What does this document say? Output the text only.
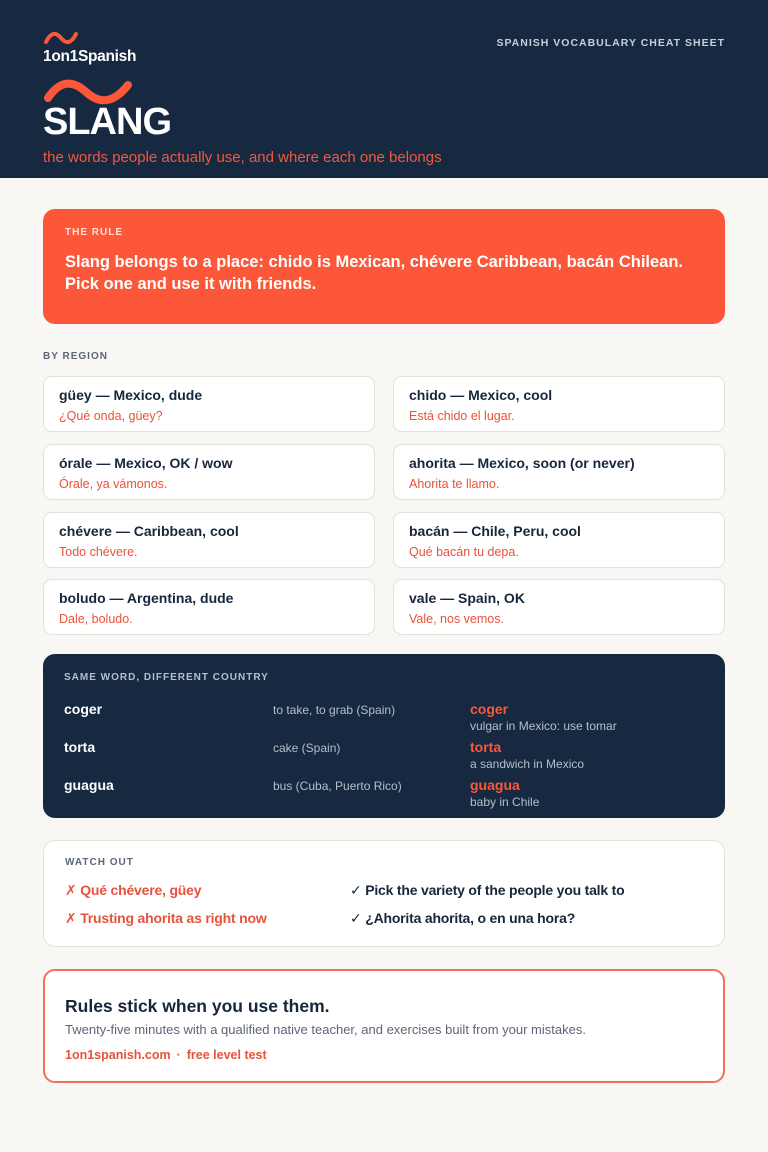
1on1Spanish
SPANISH VOCABULARY CHEAT SHEET
SLANG
the words people actually use, and where each one belongs
THE RULE
Slang belongs to a place: chido is Mexican, chévere Caribbean, bacán Chilean.
Pick one and use it with friends.
BY REGION
güey — Mexico, dude
¿Qué onda, güey?
chido — Mexico, cool
Está chido el lugar.
órale — Mexico, OK / wow
Órale, ya vámonos.
ahorita — Mexico, soon (or never)
Ahorita te llamo.
chévere — Caribbean, cool
Todo chévere.
bacán — Chile, Peru, cool
Qué bacán tu depa.
boludo — Argentina, dude
Dale, boludo.
vale — Spain, OK
Vale, nos vemos.
SAME WORD, DIFFERENT COUNTRY
coger	to take, to grab (Spain)	coger
vulgar in Mexico: use tomar
torta	cake (Spain)	torta
a sandwich in Mexico
guagua	bus (Cuba, Puerto Rico)	guagua
baby in Chile
WATCH OUT
✗ Qué chévere, güey
✗ Trusting ahorita as right now
✓ Pick the variety of the people you talk to
✓ ¿Ahorita ahorita, o en una hora?
Rules stick when you use them.
Twenty-five minutes with a qualified native teacher, and exercises built from your mistakes.
1on1spanish.com · free level test
